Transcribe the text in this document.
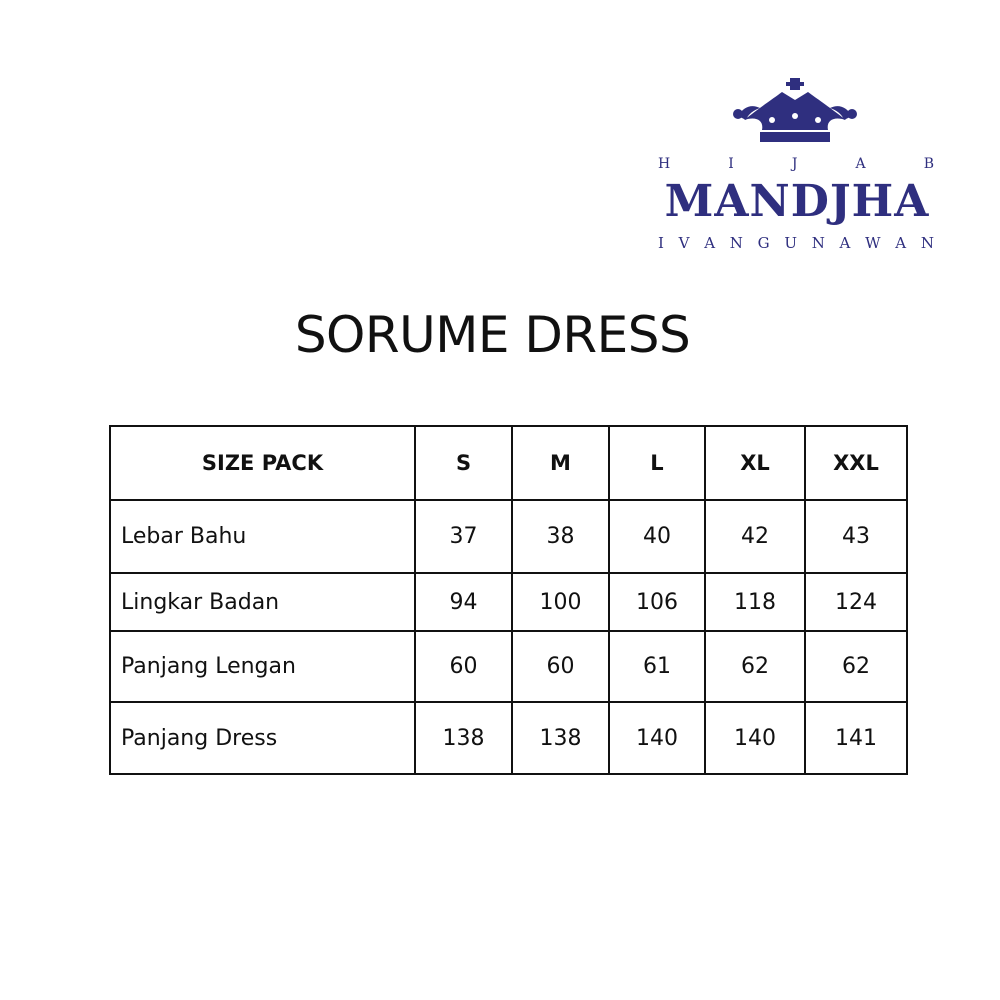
H	I	J	A	B
MANDJHA
I V A N G U N A W A N
SORUME DRESS
SIZE PACK	S	M	L	XL	XXL
Lebar Bahu	37	38	40	42	43
Lingkar Badan	94	100	106	118	124
Panjang Lengan	60	60	61	62	62
Panjang Dress	138	138	140	140	141
